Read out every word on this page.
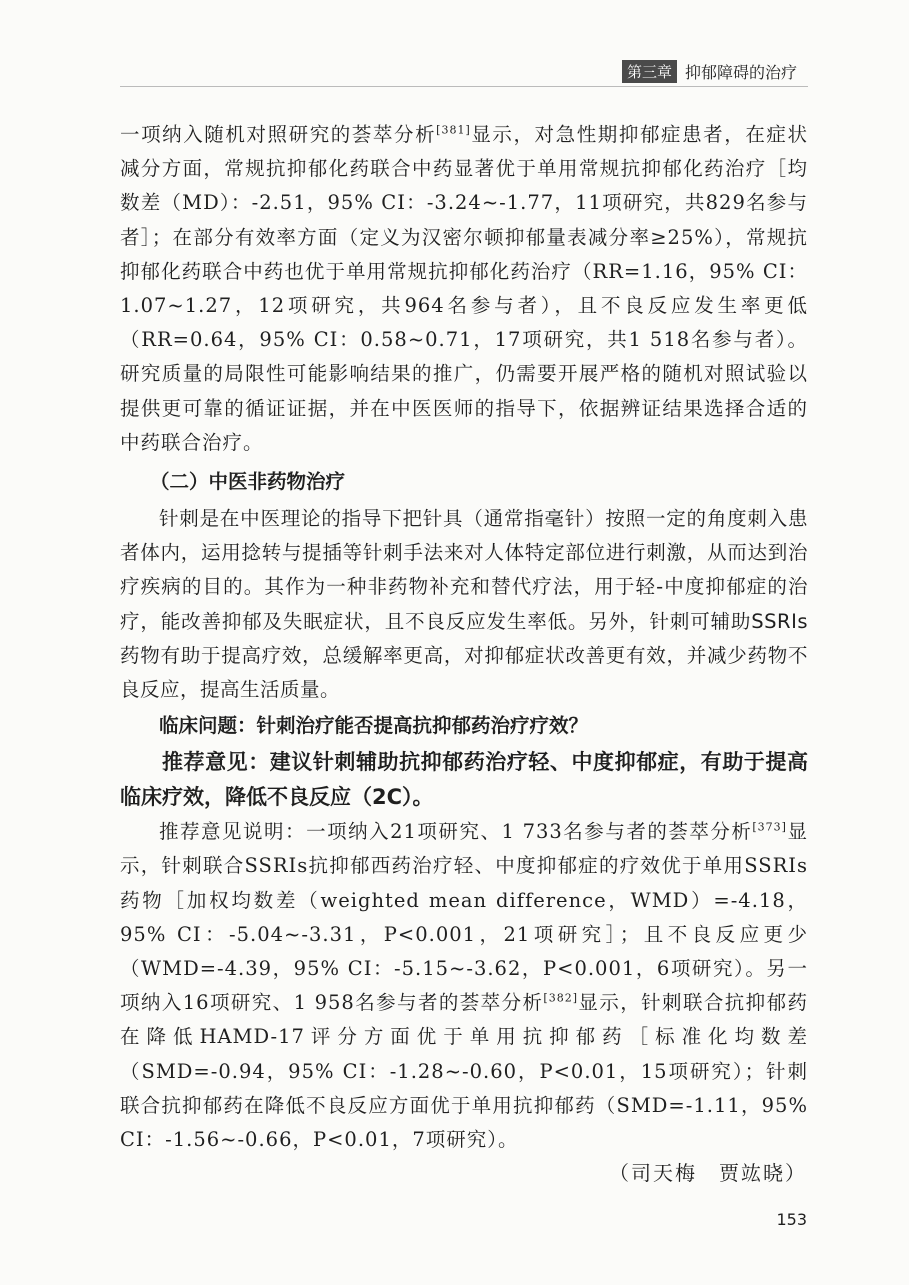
第三章 抑郁障碍的治疗

一项纳入随机对照研究的荟萃分析[381]显示，对急性期抑郁症患者，在症状减分方面，常规抗抑郁化药联合中药显著优于单用常规抗抑郁化药治疗［均数差（MD）：-2.51，95% CI：-3.24~-1.77，11项研究，共829名参与者］；在部分有效率方面（定义为汉密尔顿抑郁量表减分率≥25%），常规抗抑郁化药联合中药也优于单用常规抗抑郁化药治疗（RR=1.16，95% CI：1.07~1.27，12项研究，共964名参与者），且不良反应发生率更低（RR=0.64，95% CI：0.58~0.71，17项研究，共1 518名参与者）。研究质量的局限性可能影响结果的推广，仍需要开展严格的随机对照试验以提供更可靠的循证证据，并在中医医师的指导下，依据辨证结果选择合适的中药联合治疗。

（二）中医非药物治疗

针刺是在中医理论的指导下把针具（通常指毫针）按照一定的角度刺入患者体内，运用捻转与提插等针刺手法来对人体特定部位进行刺激，从而达到治疗疾病的目的。其作为一种非药物补充和替代疗法，用于轻-中度抑郁症的治疗，能改善抑郁及失眠症状，且不良反应发生率低。另外，针刺可辅助SSRIs药物有助于提高疗效，总缓解率更高，对抑郁症状改善更有效，并减少药物不良反应，提高生活质量。

临床问题：针刺治疗能否提高抗抑郁药治疗疗效？

推荐意见：建议针刺辅助抗抑郁药治疗轻、中度抑郁症，有助于提高临床疗效，降低不良反应（2C）。

推荐意见说明：一项纳入21项研究、1 733名参与者的荟萃分析[373]显示，针刺联合SSRIs抗抑郁西药治疗轻、中度抑郁症的疗效优于单用SSRIs药物［加权均数差（weighted mean difference，WMD）=-4.18，95% CI：-5.04~-3.31，P<0.001，21项研究］；且不良反应更少（WMD=-4.39，95% CI：-5.15~-3.62，P<0.001，6项研究）。另一项纳入16项研究、1 958名参与者的荟萃分析[382]显示，针刺联合抗抑郁药在降低HAMD-17评分方面优于单用抗抑郁药［标准化均数差（SMD=-0.94，95% CI：-1.28~-0.60，P<0.01，15项研究）；针刺联合抗抑郁药在降低不良反应方面优于单用抗抑郁药（SMD=-1.11，95% CI：-1.56~-0.66，P<0.01，7项研究）。

（司天梅　贾竑晓）
153
